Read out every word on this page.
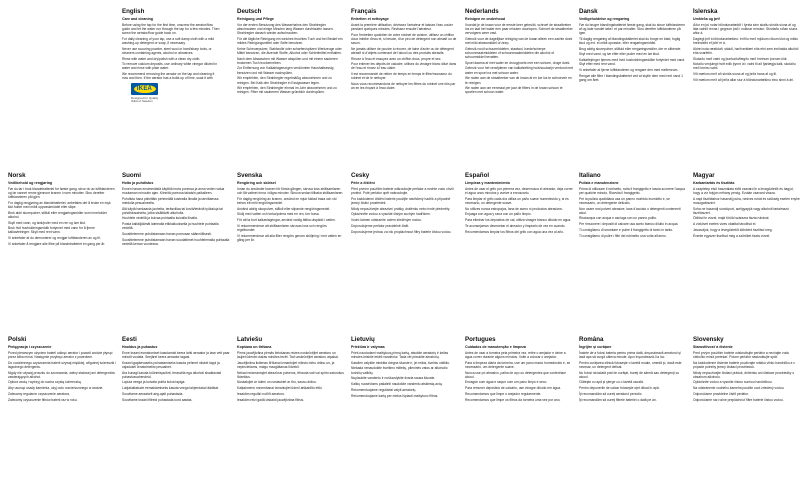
English
Care and cleaning

Before using the tap for the first time, unscrew the aerator/flow guide and let the water run through the tap for a few minutes. Then screw the aerator/flow guide back on.

For daily cleaning of your tap, use a soft damp cloth with a mild washing-up detergent or soap, if necessary.

Never use scouring powder, steel wool or hard/sharp tools, or cleaners containing agents, alcohol or abrasives.

Rinse with water and dry/polish with a clean dry cloth.

To remove calcium deposits, use ordinary white vinegar diluted in water and rinse with plain water.

We recommend removing the aerator on the tap and cleaning it now and then. If the aerator has a build-up of lime, soak it with

IKEA
Designed for Quality IKEA of Sweden
Deutsch
Reinigung und Pflege

Vor der ersten Benutzung des Wasserhahns den Strahlregler abschrauben und einige Minuten lang Wasser durchlaufen lassen. Strahlregler danach wieder aufschrauben.

Für die tägliche Reinigung ein weiches feuchtes Tuch und bei Bedarf ein mildes Reinigungsmittel oder Seife benutzen.

Keine Scheuerpulver, Stahlwolle oder scharfen/spitzen Werkzeuge oder Mittel benutzen, die ätzende Stoffe, Alkohol oder Schleifmittel enthalten.

Nach dem Abwaschen mit Wasser abspülen und mit einem sauberen trockenen Tuch trockenreiben.

Zur Entfernung von Kalkablagerungen verdünnten Haushaltsessig benutzen und mit Wasser nachspülen.

Wir empfehlen, den Strahlregler regelmäßig abzunehmen und zu reinigen. Bei Kalk den Strahlregler in Essigwasser legen.

Wir empfehlen, den Strahlregler einmal im Jahr abzunehmen und zu reinigen. Filter mit sauberem Wasser gründlich durchspülen.

Français
Entretien et nettoyage

Avant la première utilisation, dévissez l'aérateur et laissez l'eau couler pendant quelques minutes. Revissez ensuite l'aérateur.

Pour l'entretien quotidien de votre robinet de cuisine, utilisez un chiffon doux imbibé d'eau et, si besoin, d'un peu de détergent non abrasif ou de savon.

Ne jamais utiliser de poudre à récurer, de laine d'acier ou de détergent abrasif ni d'objets contenant de l'alcool ou des produits abrasifs.

Rincez à l'eau et essuyez avec un chiffon doux, propre et sec.

Pour enlever les dépôts de calcaire, utilisez du vinaigre blanc dilué dans de l'eau et rincez à l'eau claire.

Il est recommandé de retirer de temps en temps le filtre/mousseur du robinet et de le nettoyer.

Nous vous recommandons de nettoyer les filtres du robinet une fois par an en les rinçant à l'eau claire.

Nederlands
Reinigen en onderhoud

Voordat je de kraan voor de eerste keer gebruikt, schroef de straalbreker los en laat het water een paar minuten doorlopen. Schroef de straalbreker vervolgens weer vast.

Gebruik voor de dagelijkse reiniging van de kraan alleen een zachte doek met mild afwasmiddel of zeep.

Gebruik nooit schuurmiddelen, staalwol, harde/scherpe schoonmaakmiddelen of schoonmaakmiddelen die alcohol of schuurmiddel bevatten.

Spoel daarna af met water en droog/poets met een schone, droge doek.

Gebruik voor het verwijderen van kalkafzetting huishoudazijn verdund met water en spoel na met schoon water.

We raden aan de straalbreker van de kraan af en toe los te schroeven en te reinigen.

We raden aan om eenmaal per jaar de filters in de kraan schoon te spoelen met schoon water.

Dansk
Vedligeholdelse og rengøring

Før du bruger blandingsbatteriet første gang, skal du skrue luftblanderen af og lade vandet løbe i et par minutter. Skru derefter luftblanderen på igen.

Til daglig rengøring af blandingsbatteriet skal du bruge en blød, fugtig klud og evt. et mildt opvaske- eller rengøringsmiddel.

Brug aldrig skurepulver, ståluld eller rengøringsmidler, der er slibende.

Skyl med vand, og tør efter eller puder med en tør klud.

Kalkaflejringer fjernes med hvid husholdningseddike fortyndet med vand. Skyl efter med rent vand.

Vi anbefaler at fjerne luftblanderen og rengøre den med mellemrum.

Rengør alle filtre i blandingsbatteriet ved at skylle dem med rent vand 1 gang om året.

Íslenska
Umhirða og þrif

Áður en þú notar blöndunartækið í fyrsta sinn skaltu skrúfa síuna af og láta vatnið renna í gegnum það í nokkrar mínútur. Skrúfaðu síðan síuna aftur á.

Daglegt þrif á blöndunartækinu: Þrífðu með mjúkum rökum klút og mildu hreinsiefni ef þörf er á.

Aldrei nota ræstiduft, stálull, harðverkfæri eða efni sem innihalda alkóhól eða svarfefni.

Skolaðu með vatni og þurrkaðu/fægðu með hreinum þurrum klút.

Notaðu venjulegt hvítt edik þynnt út í vatni til að fjarlægja kalk, skolaðu með hreinu vatni.

Við mælum með að skrúfa síuna af og þrífa hana af og til.

Við mælum með að þrífa allar síur á blöndunartækinu einu sinni á ári.

Norsk
Vedlikehold og rengjøring

Før du tar i bruk blandebatteriet for første gang, skrur du av luftblanderen og lar vannet renne gjennom kranen i noen minutter. Skru deretter luftblanderen på igjen.

For daglig rengjøring av blandebatteriet, anbefales det å bruke en myk klut fuktet med mildt oppvaskmiddel eller såpe.

Bruk aldri skurepulver, stålull eller rengjøringsmidler som inneholder alkohol.

Skyll med vann, og tørk/polér med en ren og tørr klut.

Bruk hvit husholdningseddik fortynnet med vann for å fjerne kalkavleiringer. Skyll med rent vann.

Vi anbefaler at du demonterer og rengjør luftblanderen av og til.

Vi anbefaler å rengjøre alle filtre på blandebatteriet én gang per år.

Suomi
Hoito ja puhdistus

Ennen hanan ensimmäistä käyttöä irrota poreosa ja anna veden valua muutaman minuutin ajan. Kiinnitä poreosa takaisin paikalleen.

Puhdista hana päivittäin pehmeällä kostealla liinalla ja tarvittaessa miedolla pesuaineella.

Älä käytä hankaavia jauheita, teräsvillaa tai koviä/teräviä työkaluja tai puhdistusaineita, jotka sisältävät alkoholia.

Huuhtele vedellä ja kuivaa puhtaalla kuivalla liinalla.

Poista kalkkijäämät laimealla etikkaliuoksella ja huuhtele puhtaalla vedellä.

Suosittelemme puhdistamaan hanan poreosan säännöllisesti.

Suosittelemme puhdistamaan hanan suodattimet huuhtelemalla puhtaalla vedellä kerran vuodessa.

Svenska
Rengöring och skötsel

Innan du använder kranen för första gången, skruva loss strålsamlaren och låt vattnet rinna i några minuter. Skruva sedan tillbaka strålsamlaren.

För daglig rengöring av kranen, använd en mjuk fuktad trasa och vid behov ett milt rengöringsmedel.

Använd aldrig skurpulver, stålull eller slipande rengöringsmedel.

Skölj med vatten och torka/polera med en ren, torr trasa.

För att ta bort kalkavlagringar, använd vanlig ättika utspädd i vatten.

Vi rekommenderar att strålsamlaren skruvas loss och rengörs regelbundet.

Vi rekommenderar att alla filter rengörs genom sköljning i rent vatten en gång per år.

Česky
Péče a čištění

Před prvním použitím baterie odšroubujte perlátor a nechte vodu chvíli protéct. Poté perlátor opět našroubujte.

Pro každodenní čištění baterie použijte navlhčený hadřík a případně jemný čisticí prostředek.

Nikdy nepoužívejte abrazivní prášky, drátěnku nebo tvrdé předměty.

Opláchněte vodou a vysušte čistým suchým hadříkem.

Vodní kámen odstraníte octem zředěným vodou.

Doporučujeme perlátor pravidelně čistit.

Doporučujeme jednou za rok propláchnout filtry baterie čistou vodou.

Español
Limpieza y mantenimiento

Antes de usar el grifo por primera vez, desenrosca el aireador, deja correr el agua unos minutos y vuelve a enroscarlo.

Para limpiar el grifo cada día utiliza un paño suave humedecido y, si es necesario, un detergente suave.

No utilices nunca estropajos, lana de acero ni productos abrasivos.

Enjuaga con agua y seca con un paño limpio.

Para eliminar los depósitos de cal, utiliza vinagre blanco diluido en agua.

Te aconsejamos desmontar el aireador y limpiarlo de vez en cuando.

Recomendamos limpiar los filtros del grifo con agua una vez al año.

Italiano
Pulizia e manutenzione

Prima di utilizzare il rubinetto, svita il frangigetto e lascia scorrere l'acqua per qualche minuto. Riavvita il frangigetto.

Per la pulizia quotidiana usa un panno morbido inumidito e, se necessario, un detergente delicato.

Non usare mai polveri abrasive, lana d'acciaio o detergenti contenenti alcol.

Risciacqua con acqua e asciuga con un panno pulito.

Per rimuovere i depositi di calcare usa aceto bianco diluito in acqua.

Ti consigliamo di smontare e pulire il frangigetto di tanto in tanto.

Ti consigliamo di pulire i filtri del rubinetto una volta all'anno.

Magyar
Karbantartás és tisztítás

A csaptelep első használata előtt csavard le a levegőztetőt és hagyd, hogy a víz folyjon néhány percig. Ezután csavard vissza.

A napi tisztításhoz használj puha, nedves ruhát és szükség esetén enyhe mosogatószert.

Soha ne használj súrolóport, acélgyapjút vagy alkoholt tartalmazó tisztítószert.

Öblítsd le vízzel, majd töröld szárazra tiszta ruhával.

A vízkövet ecetes vizes oldattal távolítsd el.

Javasoljuk, hogy a levegőztetőt időnként tisztítsd meg.

Évente egyszer tisztítsd meg a szűrőket tiszta vízzel.

Polski
Pielęgnacja i czyszczenie

Przed pierwszym użyciem baterii odkręć aerator i pozwól wodzie płynąć przez kilka minut. Następnie przykręć aerator z powrotem.

Do codziennego czyszczenia baterii używaj miękkiej, wilgotnej ściereczki i łagodnego detergentu.

Nigdy nie używaj proszku do szorowania, wełny stalowej ani detergentów zawierających alkohol.

Opłucz wodą i wytrzyj do sucha czystą ściereczką.

Aby usunąć osady kamienia, użyj octu rozcieńczonego w wodzie.

Zalecamy regularne czyszczenie aeratora.

Zalecamy czyszczenie filtrów baterii raz w roku.

Eesti
Hooldus ja puhastus

Enne kraani esmakordset kasutamist keera lahti aeraator ja lase vett paar minutit voolata. Seejärel keera aeraator tagasi.

Kraani igapäevaseks puhastamiseks kasuta pehmet niisket lappi ja vajadusel õrnatoimelist pesuainet.

Ära kunagi kasuta küürimispulbrit, terasvilla ega alkoholi sisaldavaid puhastusvahendeid.

Loputa veega ja kuivata puhta kuiva lapiga.

Lubjakatlakude eemaldamiseks kasuta veega lahjendatud äädikat.

Soovitame aeraatorit aeg-ajalt puhastada.

Soovitame kraani filtreid puhastada kord aastas.

Latviešu
Kopšana un tīrīšana

Pirms jaucējkrāna pirmās lietošanas reizes noskrūvējiet aeratoru un ļaujiet ūdenim dažas minūtes tecēt. Tad uzskrūvējiet aeratoru atpakaļ.

Jaucējkrāna ikdienas tīrīšanai izmantojiet mīkstu mitru drānu un, ja nepieciešams, maigu mazgāšanas līdzekli.

Nekad neizmantojiet abrazīvus pulverus, tērauda vati vai spirtu saturošus līdzekļus.

Noskalojiet ar ūdeni un noslaukiet ar tīru, sausu drānu.

Kaļķakmens noņemšanai izmantojiet ūdenī atšķaidītu etiķi.

Iesakām regulāri notīrīt aeratoru.

Iesakām reizi gadā izskalot jaucējkrāna filtrus.

Lietuvių
Priežiūra ir valymas

Prieš naudodami maišytuvą pirmą kartą, atsukite aeratorių ir kelias minutes leiskite tekėti vandeniui. Tada vėl prisukite aeratorių.

Kasdien valykite minkšta drėgna šluoste ir, jei reikia, švelniu valikliu.

Niekada nenaudokite šveitimo miltelių, plieninės vatos ar alkoholio turinčių valiklių.

Nuplaukite vandeniu ir nušluostykite švaria sausa šluoste.

Kalkių nuosėdoms pašalinti naudokite vandeniu atskiestą actą.

Rekomenduojame reguliariai valyti aeratorių.

Rekomenduojame kartą per metus išplauti maišytuvo filtrus.

Portugues
Cuidados de manutenção e limpeza

Antes de usar a torneira pela primeira vez, retire o arejador e deixe a água correr durante alguns minutos. Volte a colocar o arejador.

Para a limpeza diária da torneira, use um pano macio humedecido e, se necessário, um detergente suave.

Nunca use pó abrasivo, palha de aço ou detergentes que contenham álcool.

Enxagúe com água e seque com um pano limpo e seco.

Para remover depósitos de calcário, use vinagre diluído em água.

Recomendamos que limpe o arejador regularmente.

Recomendamos que limpe os filtros da torneira uma vez por ano.

Româna
Îngrijire şi curăţare

Înainte de a folosi bateria pentru prima dată, deşurubează aeratorul şi lasă apa să curgă câteva minute. Apoi înşurubează-l la loc.

Pentru curăţarea zilnică foloseşte o lavetă moale, umedă şi, dacă este necesar, un detergent delicat.

Nu folosi niciodată praf de curăţat, bureţi de sârmă sau detergenţi cu alcool.

Clăteşte cu apă şi şterge cu o lavetă uscată.

Pentru depunerile de calcar foloseşte oţet diluat în apă.

Îţi recomandăm să cureţi aeratorul periodic.

Îţi recomandăm să cureţi filtrele bateriei o dată pe an.

Slovensky
Starostlivosť a čistenie

Pred prvým použitím batérie odskrutkujte perlátor a nechajte vodu niekoľko minút pretekať. Potom perlátor naskrutkujte späť.

Na každodenné čistenie batérie používajte mäkkú vlhkú handričku a v prípade potreby jemný čistiaci prostriedok.

Nikdy nepoužívajte čistiaci prášok, drôtenku ani čistiace prostriedky s obsahom alkoholu.

Opláchnite vodou a vysušte čistou suchou handričkou.

Na odstránenie vodného kameňa použite ocot zriedený vodou.

Odporúčame pravidelne čistiť perlátor.

Odporúčame raz ročne prepláchnuť filtre batérie čistou vodou.
